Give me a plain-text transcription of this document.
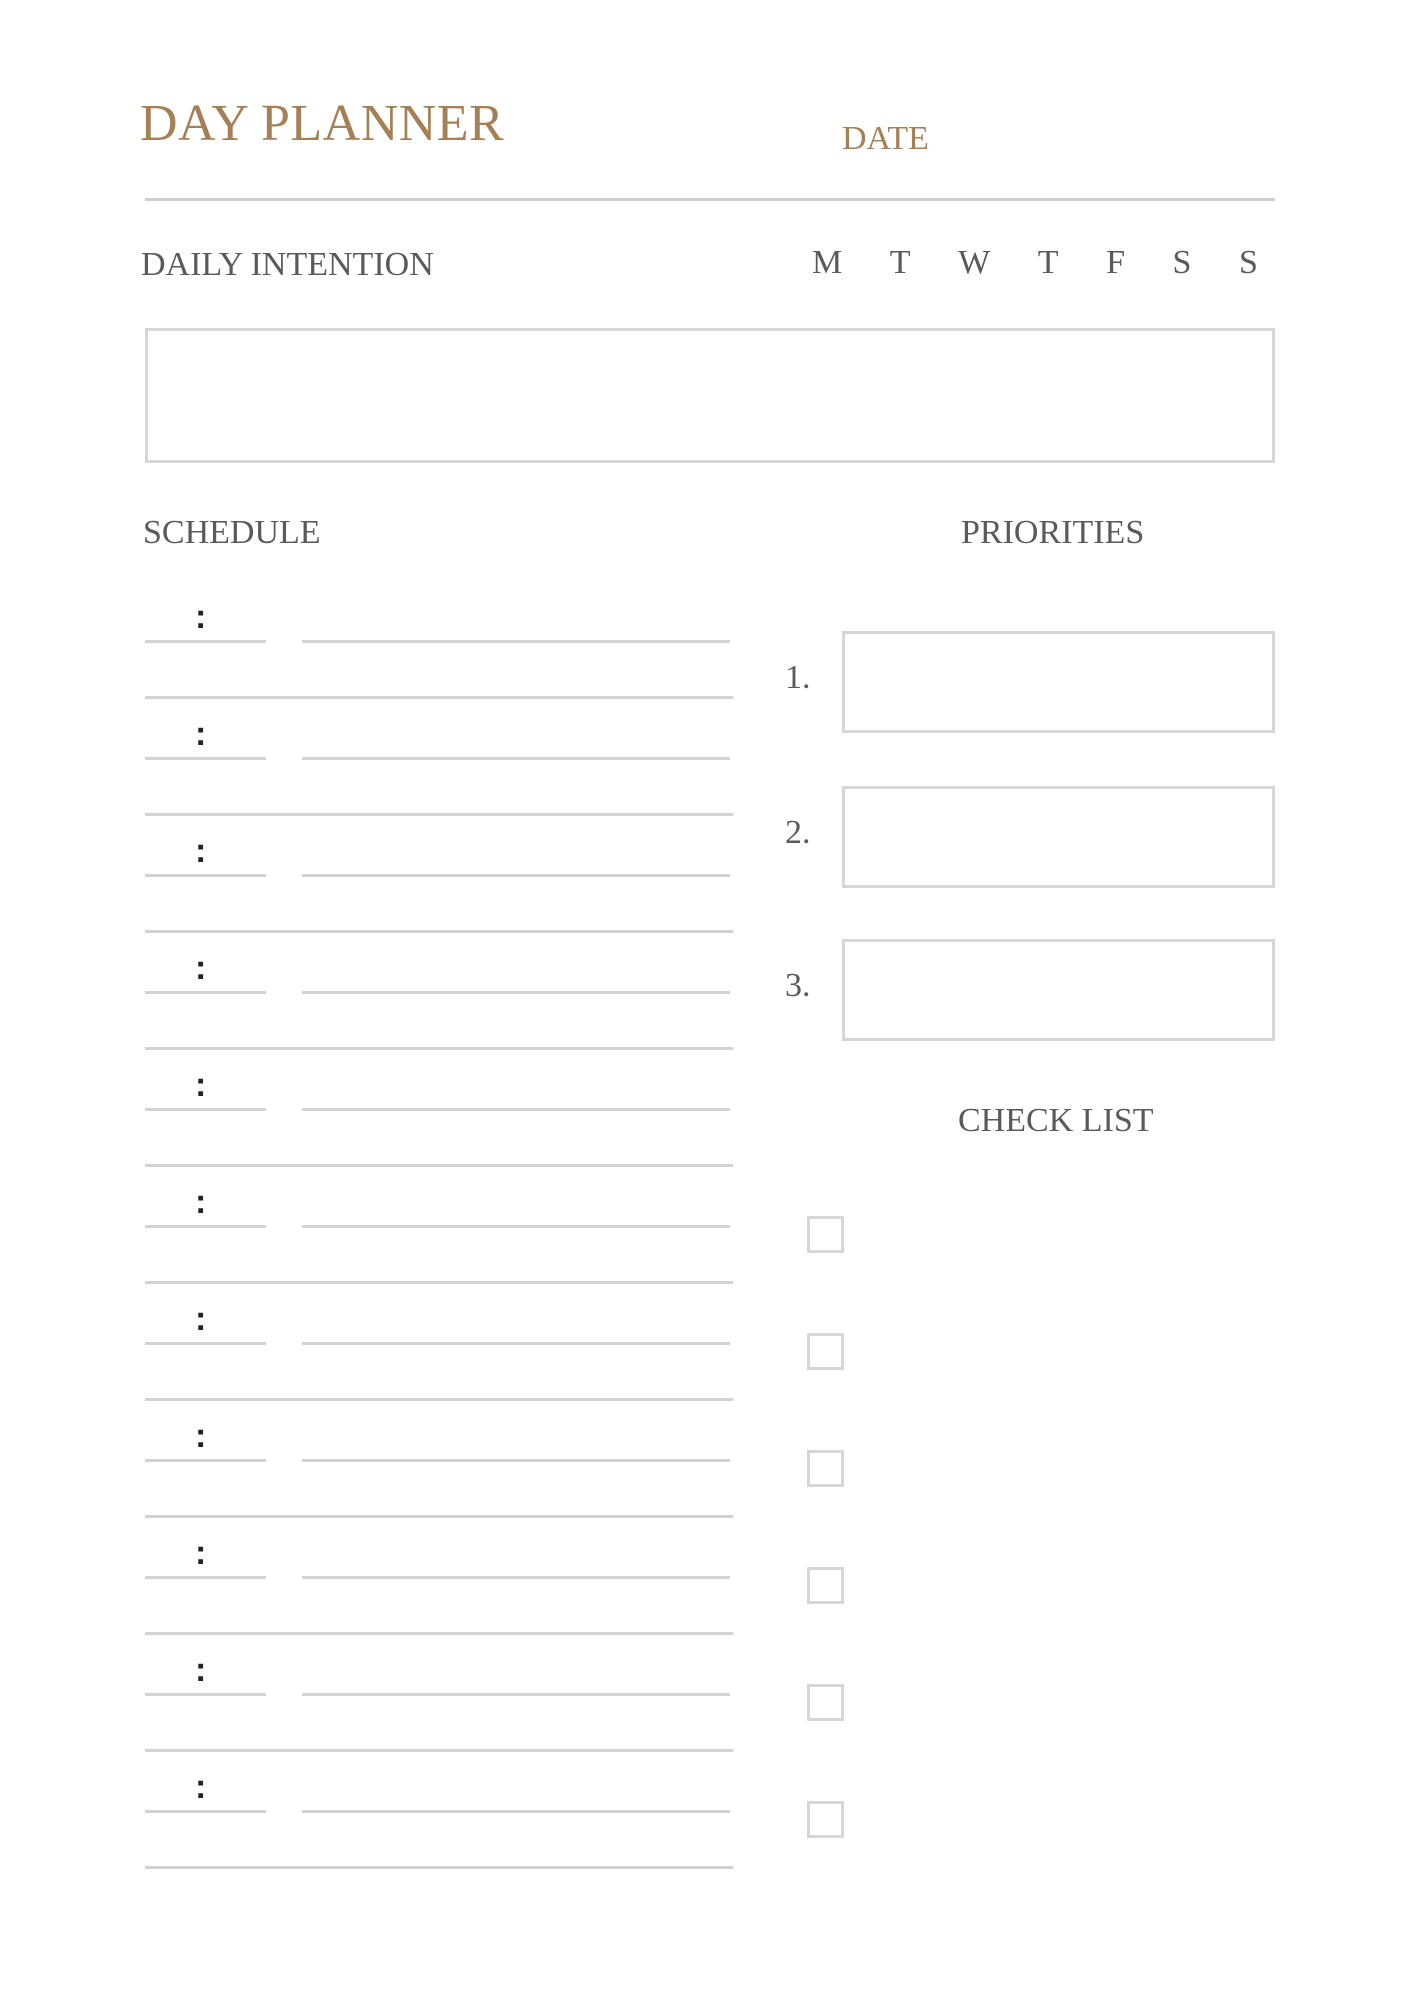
DAY PLANNER	DATE
DAILY INTENTION	M T W T F S S
SCHEDULE
:
:
:
:
:
:
:
:
:
:
:
PRIORITIES
1.
2.
3.
CHECK LIST
